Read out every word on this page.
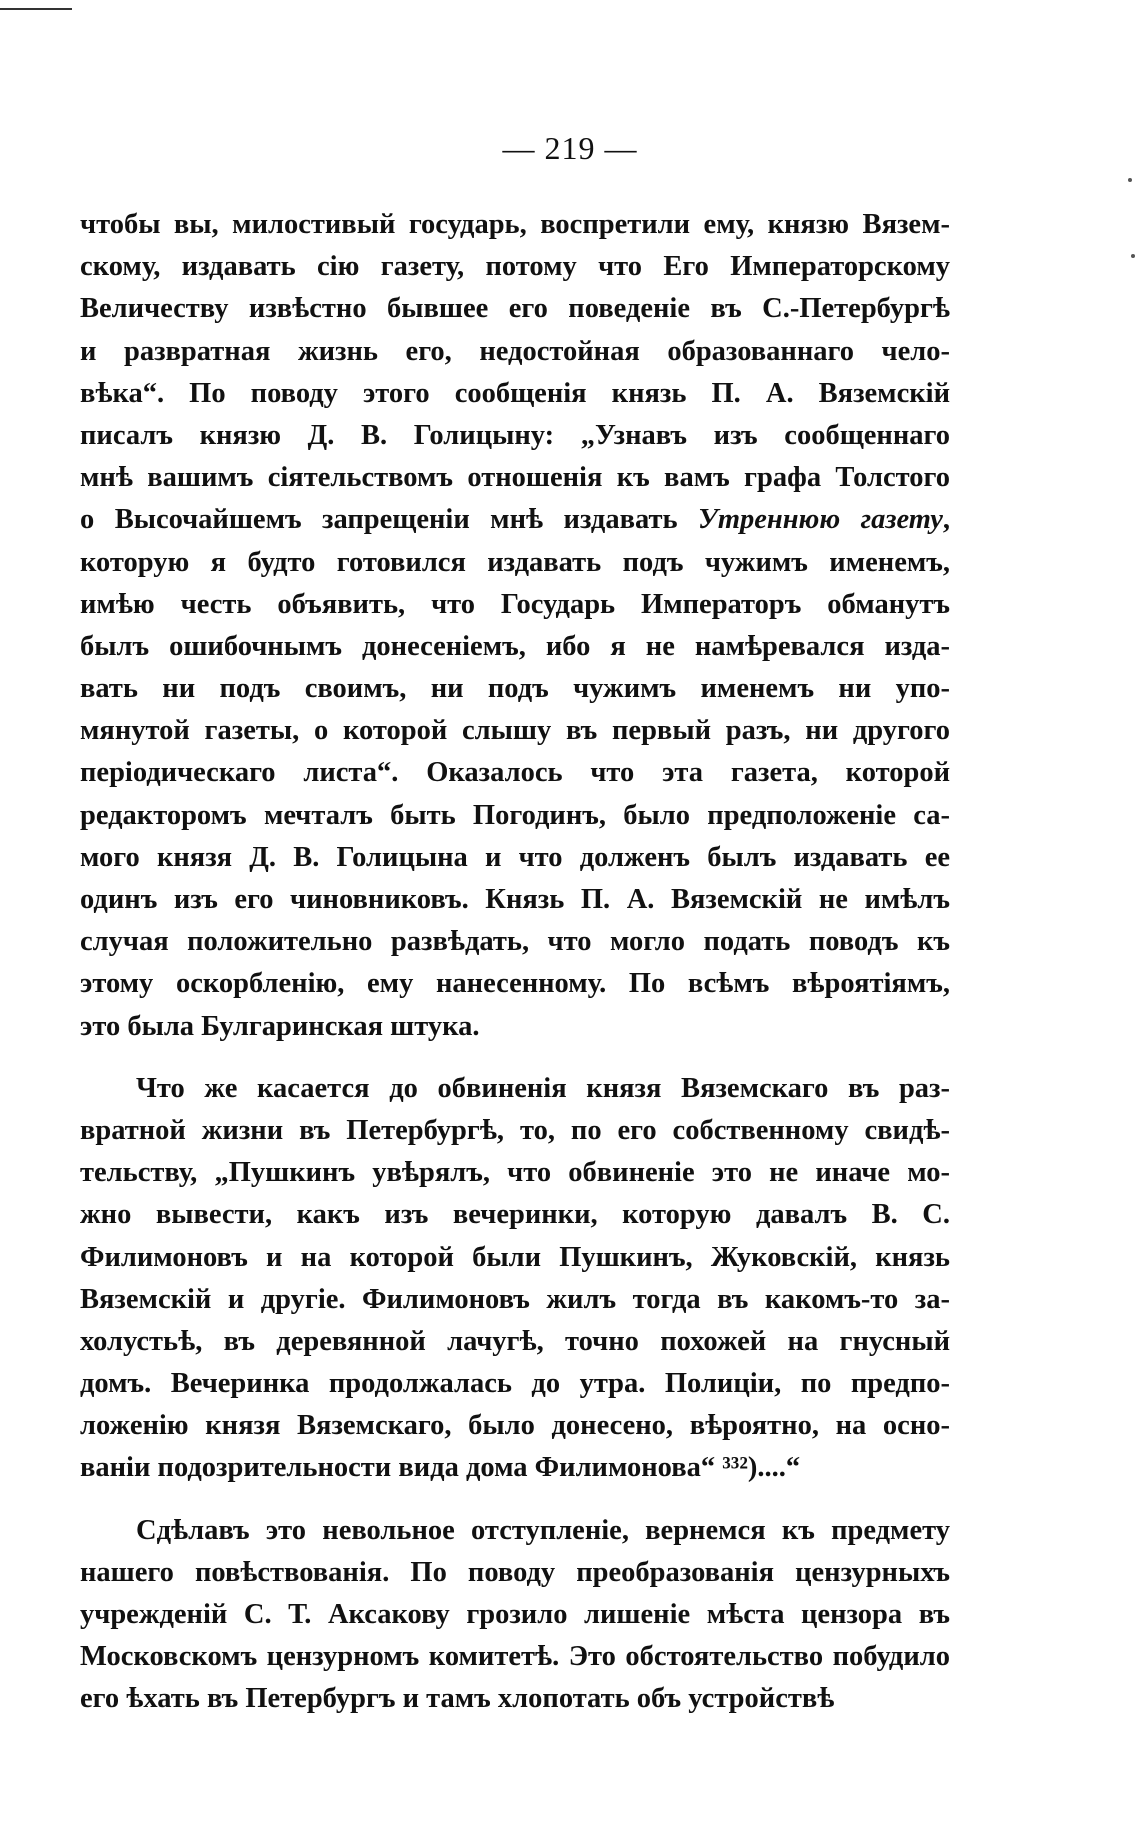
— 219 —
чтобы вы, милостивый государь, воспретили ему, князю Вязем-
скому, издавать сію газету, потому что Его Императорскому
Величеству извѣстно бывшее его поведеніе въ С.-Петербургѣ
и развратная жизнь его, недостойная образованнаго чело-
вѣка“. По поводу этого сообщенія князь П. А. Вяземскій
писалъ князю Д. В. Голицыну: „Узнавъ изъ сообщеннаго
мнѣ вашимъ сіятельствомъ отношенія къ вамъ графа Толстого
о Высочайшемъ запрещеніи мнѣ издавать Утреннюю газету,
которую я будто готовился издавать подъ чужимъ именемъ,
имѣю честь объявить, что Государь Императоръ обманутъ
былъ ошибочнымъ донесеніемъ, ибо я не намѣревался изда-
вать ни подъ своимъ, ни подъ чужимъ именемъ ни упо-
мянутой газеты, о которой слышу въ первый разъ, ни другого
періодическаго листа“. Оказалось что эта газета, которой
редакторомъ мечталъ быть Погодинъ, было предположеніе са-
мого князя Д. В. Голицына и что долженъ былъ издавать ее
одинъ изъ его чиновниковъ. Князь П. А. Вяземскій не имѣлъ
случая положительно развѣдать, что могло подать поводъ къ
этому оскорбленію, ему нанесенному. По всѣмъ вѣроятіямъ,
это была Булгаринская штука.
Что же касается до обвиненія князя Вяземскаго въ раз-
вратной жизни въ Петербургѣ, то, по его собственному свидѣ-
тельству, „Пушкинъ увѣрялъ, что обвиненіе это не иначе мо-
жно вывести, какъ изъ вечеринки, которую давалъ В. С.
Филимоновъ и на которой были Пушкинъ, Жуковскій, князь
Вяземскій и другіе. Филимоновъ жилъ тогда въ какомъ-то за-
холустьѣ, въ деревянной лачугѣ, точно похожей на гнусный
домъ. Вечеринка продолжалась до утра. Полиціи, по предпо-
ложенію князя Вяземскаго, было донесено, вѣроятно, на осно-
ваніи подозрительности вида дома Филимонова“ ³³²)....“
Сдѣлавъ это невольное отступленіе, вернемся къ предмету
нашего повѣствованія. По поводу преобразованія цензурныхъ
учрежденій С. Т. Аксакову грозило лишеніе мѣста цензора въ
Московскомъ цензурномъ комитетѣ. Это обстоятельство побудило
его ѣхать въ Петербургъ и тамъ хлопотать объ устройствѣ
